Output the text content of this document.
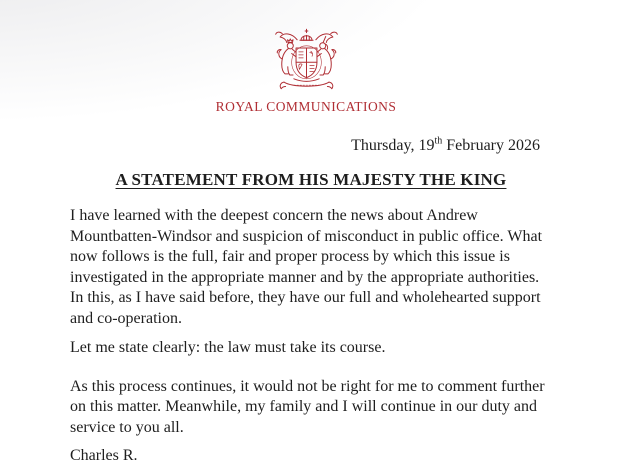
ROYAL COMMUNICATIONS
Thursday, 19th February 2026
A STATEMENT FROM HIS MAJESTY THE KING
I have learned with the deepest concern the news about Andrew
Mountbatten-Windsor and suspicion of misconduct in public office. What
now follows is the full, fair and proper process by which this issue is
investigated in the appropriate manner and by the appropriate authorities.
In this, as I have said before, they have our full and wholehearted support
and co-operation.
Let me state clearly: the law must take its course.
As this process continues, it would not be right for me to comment further
on this matter. Meanwhile, my family and I will continue in our duty and
service to you all.
Charles R.
